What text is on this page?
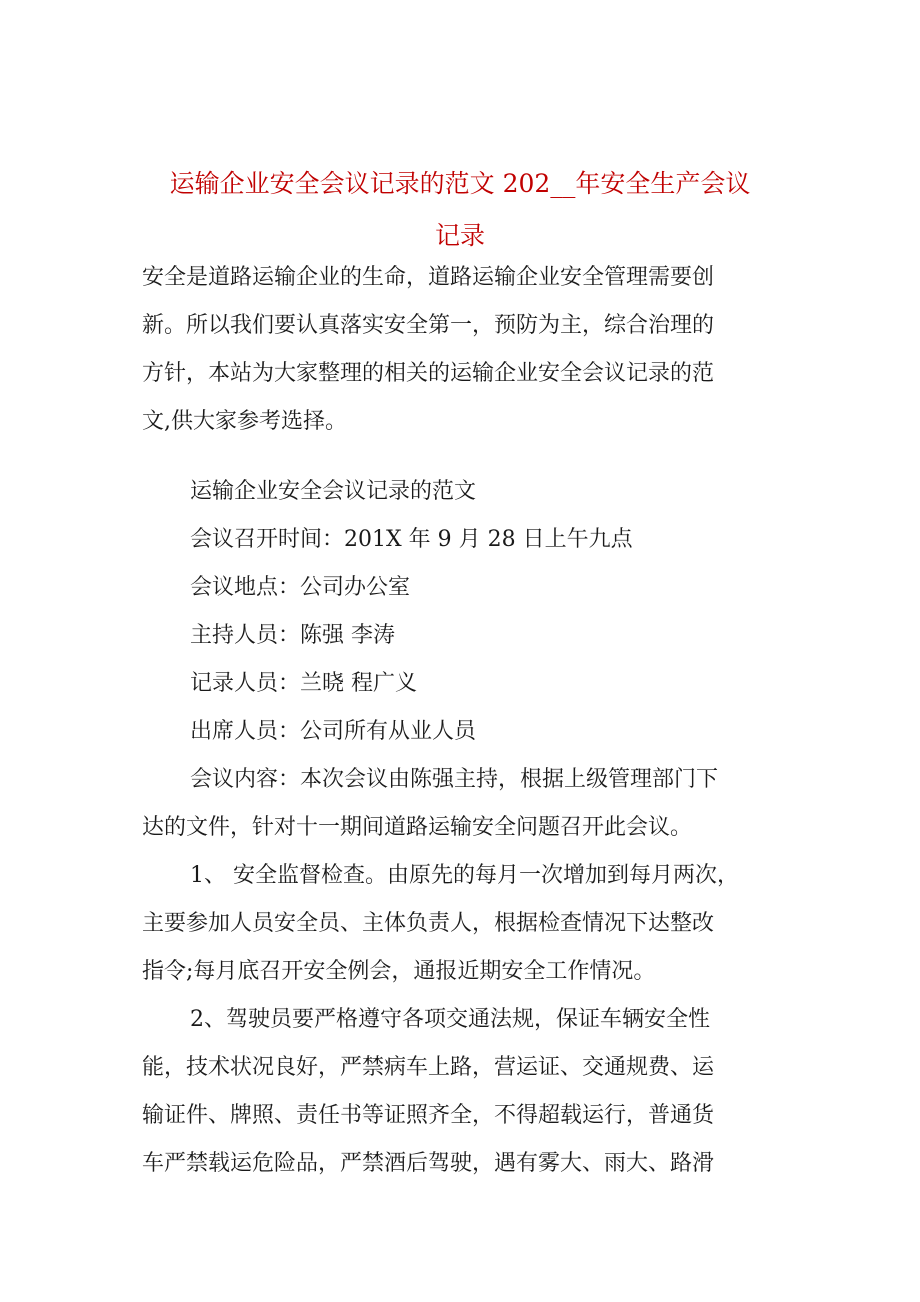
运输企业安全会议记录的范文 202__年安全生产会议
记录

安全是道路运输企业的生命，道路运输企业安全管理需要创
新。所以我们要认真落实安全第一，预防为主，综合治理的
方针，本站为大家整理的相关的运输企业安全会议记录的范
文,供大家参考选择。

运输企业安全会议记录的范文

会议召开时间：201X 年 9 月 28 日上午九点

会议地点：公司办公室

主持人员：陈强 李涛

记录人员：兰晓 程广义

出席人员：公司所有从业人员

会议内容：本次会议由陈强主持，根据上级管理部门下
达的文件，针对十一期间道路运输安全问题召开此会议。

1、 安全监督检查。由原先的每月一次增加到每月两次，
主要参加人员安全员、主体负责人，根据检查情况下达整改
指令;每月底召开安全例会，通报近期安全工作情况。

2、驾驶员要严格遵守各项交通法规，保证车辆安全性
能，技术状况良好，严禁病车上路，营运证、交通规费、运
输证件、牌照、责任书等证照齐全，不得超载运行，普通货
车严禁载运危险品，严禁酒后驾驶，遇有雾大、雨大、路滑
